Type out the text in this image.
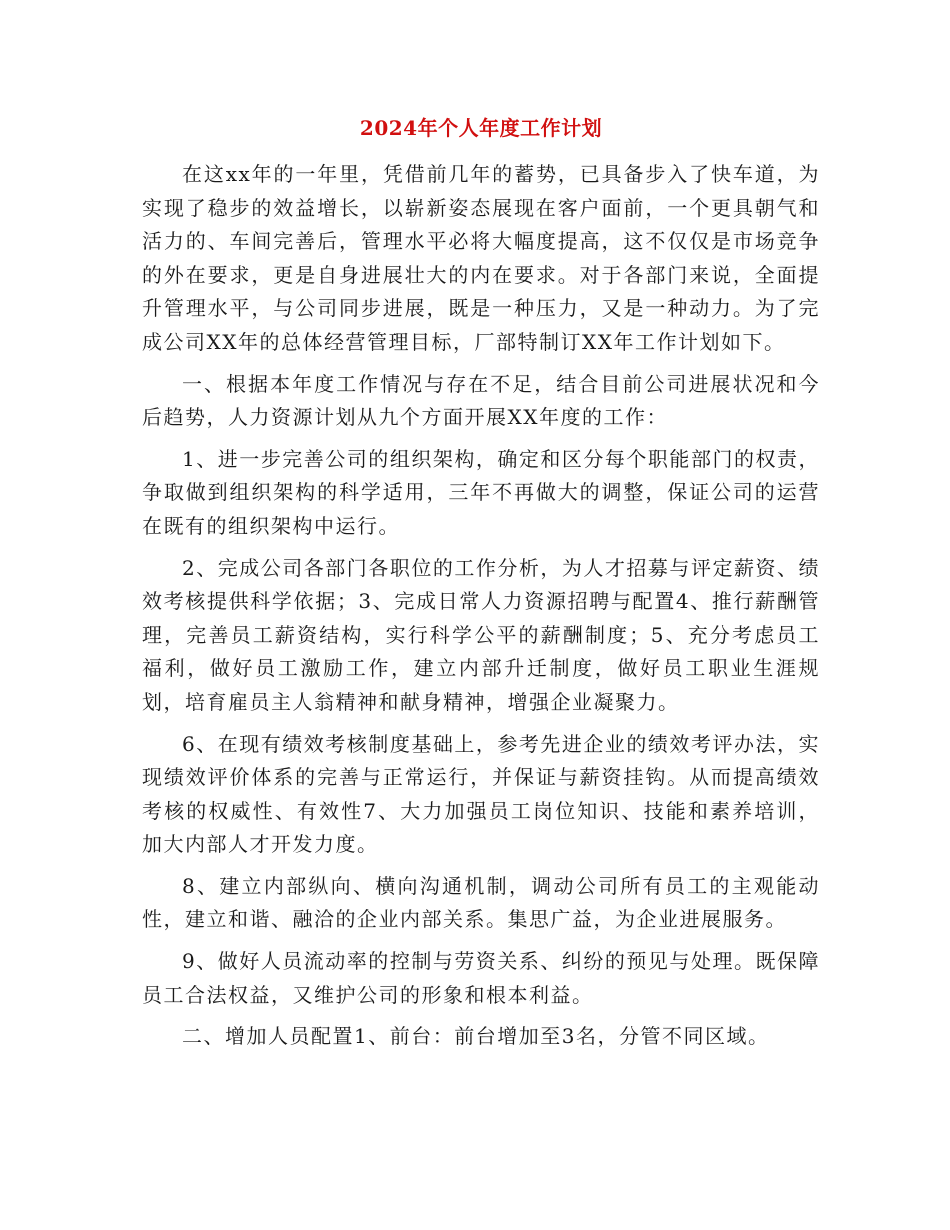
2024年个人年度工作计划

在这xx年的一年里，凭借前几年的蓄势，已具备步入了快车道，为实现了稳步的效益增长，以崭新姿态展现在客户面前，一个更具朝气和活力的、车间完善后，管理水平必将大幅度提高，这不仅仅是市场竞争的外在要求，更是自身进展壮大的内在要求。对于各部门来说，全面提升管理水平，与公司同步进展，既是一种压力，又是一种动力。为了完成公司XX年的总体经营管理目标，厂部特制订XX年工作计划如下。

一、根据本年度工作情况与存在不足，结合目前公司进展状况和今后趋势，人力资源计划从九个方面开展XX年度的工作：

1、进一步完善公司的组织架构，确定和区分每个职能部门的权责，争取做到组织架构的科学适用，三年不再做大的调整，保证公司的运营在既有的组织架构中运行。

2、完成公司各部门各职位的工作分析，为人才招募与评定薪资、绩效考核提供科学依据；3、完成日常人力资源招聘与配置4、推行薪酬管理，完善员工薪资结构，实行科学公平的薪酬制度；5、充分考虑员工福利，做好员工激励工作，建立内部升迁制度，做好员工职业生涯规划，培育雇员主人翁精神和献身精神，增强企业凝聚力。

6、在现有绩效考核制度基础上，参考先进企业的绩效考评办法，实现绩效评价体系的完善与正常运行，并保证与薪资挂钩。从而提高绩效考核的权威性、有效性7、大力加强员工岗位知识、技能和素养培训，加大内部人才开发力度。

8、建立内部纵向、横向沟通机制，调动公司所有员工的主观能动性，建立和谐、融洽的企业内部关系。集思广益，为企业进展服务。

9、做好人员流动率的控制与劳资关系、纠纷的预见与处理。既保障员工合法权益，又维护公司的形象和根本利益。

二、增加人员配置1、前台：前台增加至3名，分管不同区域。
